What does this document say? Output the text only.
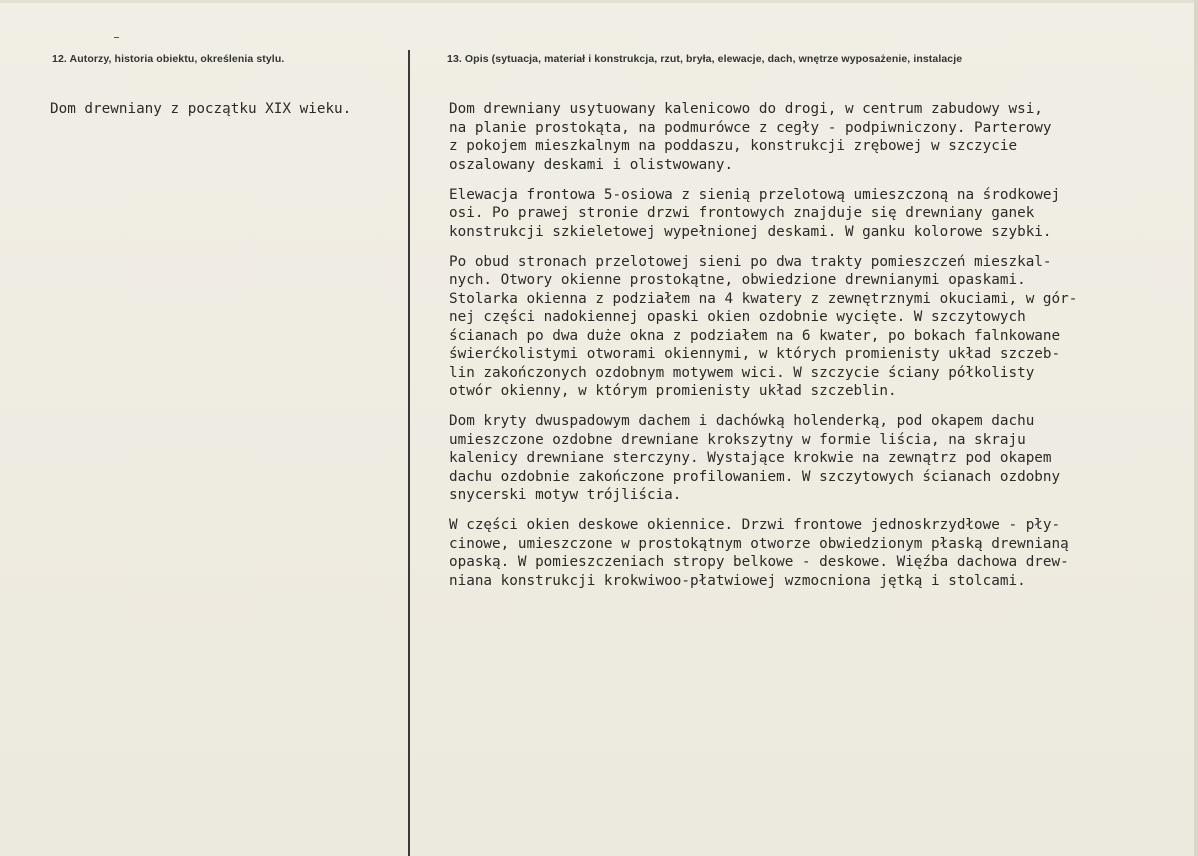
12. Autorzy, historia obiektu, określenia stylu.	13. Opis (sytuacja, materiał i konstrukcja, rzut, bryła, elewacje, dach, wnętrze wyposażenie, instalacje
Dom drewniany z początku XIX wieku.	Dom drewniany usytuowany kalenicowo do drogi, w centrum zabudowy wsi,
na planie prostokąta, na podmurówce z cegły - podpiwniczony. Parterowy
z pokojem mieszkalnym na poddaszu, konstrukcji zrębowej w szczycie
oszalowany deskami i olistwowany.
Elewacja frontowa 5-osiowa z sienią przelotową umieszczoną na środkowej
osi. Po prawej stronie drzwi frontowych znajduje się drewniany ganek
konstrukcji szkieletowej wypełnionej deskami. W ganku kolorowe szybki.
Po obud stronach przelotowej sieni po dwa trakty pomieszczeń mieszkal-
nych. Otwory okienne prostokątne, obwiedzione drewnianymi opaskami.
Stolarka okienna z podziałem na 4 kwatery z zewnętrznymi okuciami, w gór-
nej części nadokiennej opaski okien ozdobnie wycięte. W szczytowych
ścianach po dwa duże okna z podziałem na 6 kwater, po bokach falnkowane
świerćkolistymi otworami okiennymi, w których promienisty układ szczeb-
lin zakończonych ozdobnym motywem wici. W szczycie ściany półkolisty
otwór okienny, w którym promienisty układ szczeblin.
Dom kryty dwuspadowym dachem i dachówką holenderką, pod okapem dachu
umieszczone ozdobne drewniane krokszytny w formie liścia, na skraju
kalenicy drewniane sterczyny. Wystające krokwie na zewnątrz pod okapem
dachu ozdobnie zakończone profilowaniem. W szczytowych ścianach ozdobny
snycerski motyw trójliścia.
W części okien deskowe okiennice. Drzwi frontowe jednoskrzydłowe - pły-
cinowe, umieszczone w prostokątnym otworze obwiedzionym płaską drewnianą
opaską. W pomieszczeniach stropy belkowe - deskowe. Więźba dachowa drew-
niana konstrukcji krokwiwoo-płatwiowej wzmocniona jętką i stolcami.
